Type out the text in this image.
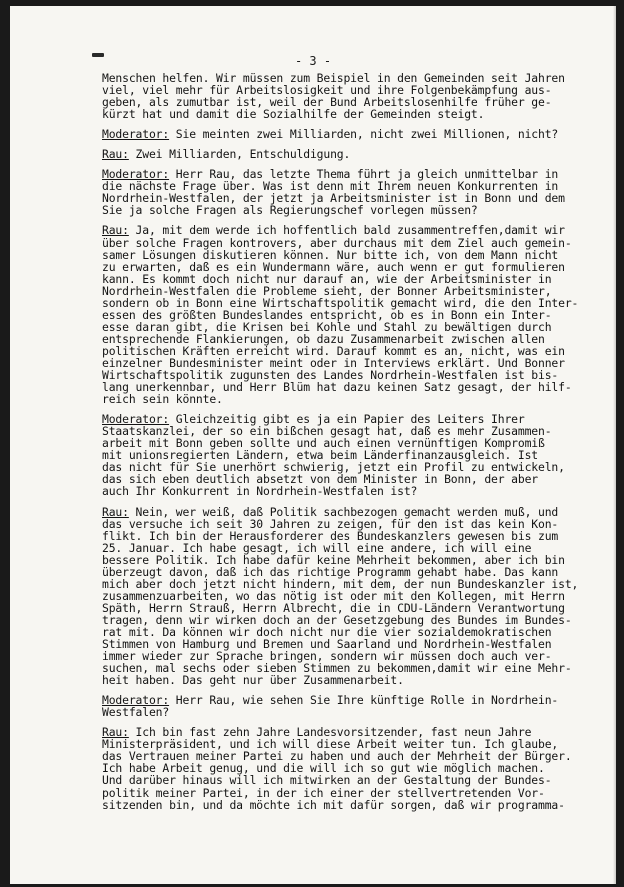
- 3 -
Menschen helfen. Wir müssen zum Beispiel in den Gemeinden seit Jahren
viel, viel mehr für Arbeitslosigkeit und ihre Folgenbekämpfung aus-
geben, als zumutbar ist, weil der Bund Arbeitslosenhilfe früher ge-
kürzt hat und damit die Sozialhilfe der Gemeinden steigt.
Moderator: Sie meinten zwei Milliarden, nicht zwei Millionen, nicht?
Rau: Zwei Milliarden, Entschuldigung.
Moderator: Herr Rau, das letzte Thema führt ja gleich unmittelbar in
die nächste Frage über. Was ist denn mit Ihrem neuen Konkurrenten in
Nordrhein-Westfalen, der jetzt ja Arbeitsminister ist in Bonn und dem
Sie ja solche Fragen als Regierungschef vorlegen müssen?
Rau: Ja, mit dem werde ich hoffentlich bald zusammentreffen,damit wir
über solche Fragen kontrovers, aber durchaus mit dem Ziel auch gemein-
samer Lösungen diskutieren können. Nur bitte ich, von dem Mann nicht
zu erwarten, daß es ein Wundermann wäre, auch wenn er gut formulieren
kann. Es kommt doch nicht nur darauf an, wie der Arbeitsminister in
Nordrhein-Westfalen die Probleme sieht, der Bonner Arbeitsminister,
sondern ob in Bonn eine Wirtschaftspolitik gemacht wird, die den Inter-
essen des größten Bundeslandes entspricht, ob es in Bonn ein Inter-
esse daran gibt, die Krisen bei Kohle und Stahl zu bewältigen durch
entsprechende Flankierungen, ob dazu Zusammenarbeit zwischen allen
politischen Kräften erreicht wird. Darauf kommt es an, nicht, was ein
einzelner Bundesminister meint oder in Interviews erklärt. Und Bonner
Wirtschaftspolitik zugunsten des Landes Nordrhein-Westfalen ist bis-
lang unerkennbar, und Herr Blüm hat dazu keinen Satz gesagt, der hilf-
reich sein könnte.
Moderator: Gleichzeitig gibt es ja ein Papier des Leiters Ihrer
Staatskanzlei, der so ein bißchen gesagt hat, daß es mehr Zusammen-
arbeit mit Bonn geben sollte und auch einen vernünftigen Kompromiß
mit unionsregierten Ländern, etwa beim Länderfinanzausgleich. Ist
das nicht für Sie unerhört schwierig, jetzt ein Profil zu entwickeln,
das sich eben deutlich absetzt von dem Minister in Bonn, der aber
auch Ihr Konkurrent in Nordrhein-Westfalen ist?
Rau: Nein, wer weiß, daß Politik sachbezogen gemacht werden muß, und
das versuche ich seit 30 Jahren zu zeigen, für den ist das kein Kon-
flikt. Ich bin der Herausforderer des Bundeskanzlers gewesen bis zum
25. Januar. Ich habe gesagt, ich will eine andere, ich will eine
bessere Politik. Ich habe dafür keine Mehrheit bekommen, aber ich bin
überzeugt davon, daß ich das richtige Programm gehabt habe. Das kann
mich aber doch jetzt nicht hindern, mit dem, der nun Bundeskanzler ist,
zusammenzuarbeiten, wo das nötig ist oder mit den Kollegen, mit Herrn
Späth, Herrn Strauß, Herrn Albrecht, die in CDU-Ländern Verantwortung
tragen, denn wir wirken doch an der Gesetzgebung des Bundes im Bundes-
rat mit. Da können wir doch nicht nur die vier sozialdemokratischen
Stimmen von Hamburg und Bremen und Saarland und Nordrhein-Westfalen
immer wieder zur Sprache bringen, sondern wir müssen doch auch ver-
suchen, mal sechs oder sieben Stimmen zu bekommen,damit wir eine Mehr-
heit haben. Das geht nur über Zusammenarbeit.
Moderator: Herr Rau, wie sehen Sie Ihre künftige Rolle in Nordrhein-
Westfalen?
Rau: Ich bin fast zehn Jahre Landesvorsitzender, fast neun Jahre
Ministerpräsident, und ich will diese Arbeit weiter tun. Ich glaube,
das Vertrauen meiner Partei zu haben und auch der Mehrheit der Bürger.
Ich habe Arbeit genug, und die will ich so gut wie möglich machen.
Und darüber hinaus will ich mitwirken an der Gestaltung der Bundes-
politik meiner Partei, in der ich einer der stellvertretenden Vor-
sitzenden bin, und da möchte ich mit dafür sorgen, daß wir programma-
